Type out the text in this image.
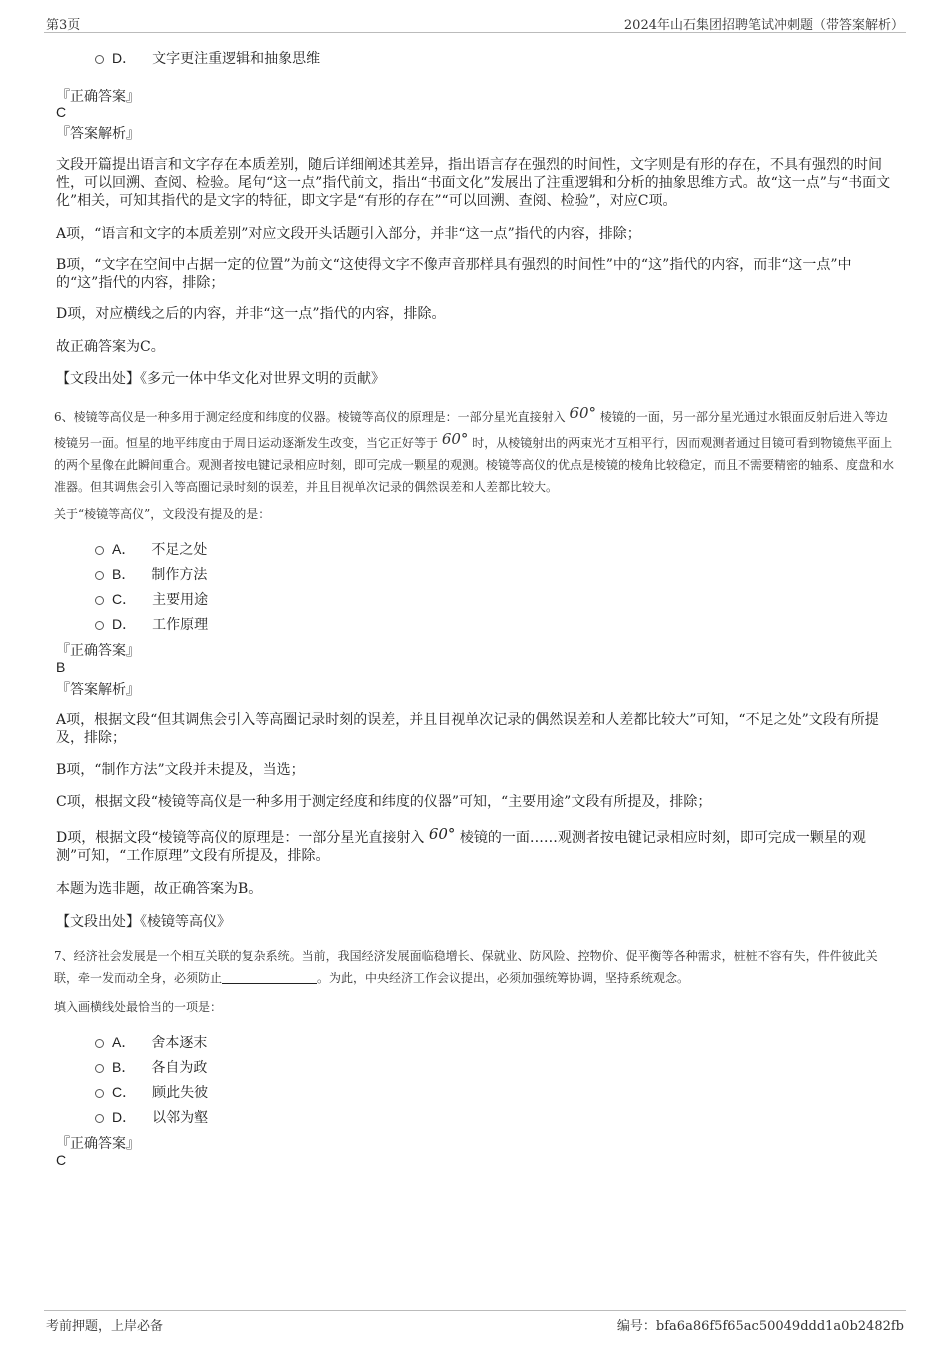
第3页	2024年山石集团招聘笔试冲刺题（带答案解析）
D． 文字更注重逻辑和抽象思维
『正确答案』
C
『答案解析』
文段开篇提出语言和文字存在本质差别，随后详细阐述其差异，指出语言存在强烈的时间性，文字则是有形的存在，不具有强烈的时间性，可以回溯、查阅、检验。尾句“这一点”指代前文，指出“书面文化”发展出了注重逻辑和分析的抽象思维方式。故“这一点”与“书面文化”相关，可知其指代的是文字的特征，即文字是“有形的存在”“可以回溯、查阅、检验”，对应C项。
A项，“语言和文字的本质差别”对应文段开头话题引入部分，并非“这一点”指代的内容，排除；
B项，“文字在空间中占据一定的位置”为前文“这使得文字不像声音那样具有强烈的时间性”中的“这”指代的内容，而非“这一点”中的“这”指代的内容，排除；
D项，对应横线之后的内容，并非“这一点”指代的内容，排除。
故正确答案为C。
【文段出处】《多元一体中华文化对世界文明的贡献》
6、棱镜等高仪是一种多用于测定经度和纬度的仪器。棱镜等高仪的原理是：一部分星光直接射入 60° 棱镜的一面，另一部分星光通过水银面反射后进入等边棱镜另一面。恒星的地平纬度由于周日运动逐渐发生改变，当它正好等于 60° 时，从棱镜射出的两束光才互相平行，因而观测者通过目镜可看到物镜焦平面上的两个星像在此瞬间重合。观测者按电键记录相应时刻，即可完成一颗星的观测。棱镜等高仪的优点是棱镜的棱角比较稳定，而且不需要精密的轴系、度盘和水准器。但其调焦会引入等高圈记录时刻的误差，并且目视单次记录的偶然误差和人差都比较大。
关于“棱镜等高仪”，文段没有提及的是：
A． 不足之处
B． 制作方法
C． 主要用途
D． 工作原理
『正确答案』
B
『答案解析』
A项，根据文段“但其调焦会引入等高圈记录时刻的误差，并且目视单次记录的偶然误差和人差都比较大”可知，“不足之处”文段有所提及，排除；
B项，“制作方法”文段并未提及，当选；
C项，根据文段“棱镜等高仪是一种多用于测定经度和纬度的仪器”可知，“主要用途”文段有所提及，排除；
D项，根据文段“棱镜等高仪的原理是：一部分星光直接射入 60° 棱镜的一面……观测者按电键记录相应时刻，即可完成一颗星的观测”可知，“工作原理”文段有所提及，排除。
本题为选非题，故正确答案为B。
【文段出处】《棱镜等高仪》
7、经济社会发展是一个相互关联的复杂系统。当前，我国经济发展面临稳增长、保就业、防风险、控物价、促平衡等各种需求，桩桩不容有失，件件彼此关联，牵一发而动全身，必须防止	。为此，中央经济工作会议提出，必须加强统筹协调，坚持系统观念。
填入画横线处最恰当的一项是：
A． 舍本逐末
B． 各自为政
C． 顾此失彼
D． 以邻为壑
『正确答案』
C
考前押题，上岸必备	编号：bfa6a86f5f65ac50049ddd1a0b2482fb
